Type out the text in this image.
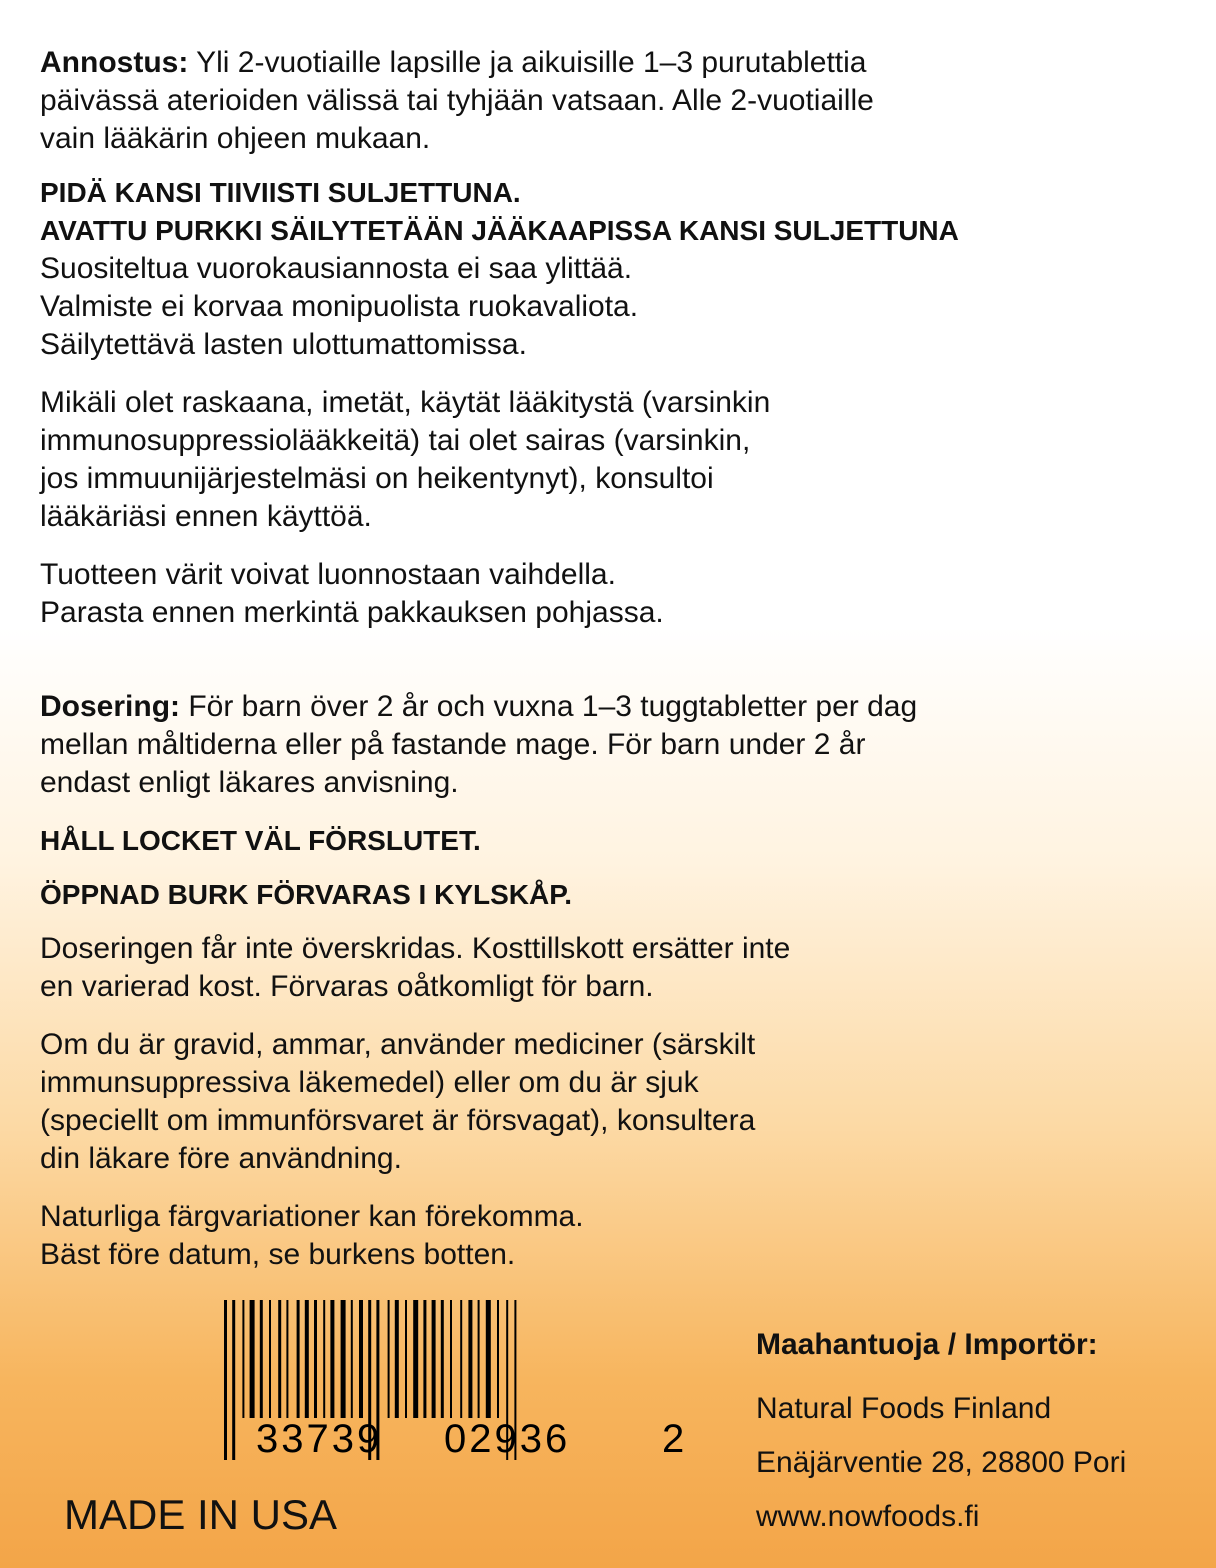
Annostus: Yli 2-vuotiaille lapsille ja aikuisille 1–3 purutablettia
päivässä aterioiden välissä tai tyhjään vatsaan. Alle 2-vuotiaille
vain lääkärin ohjeen mukaan.

PIDÄ KANSI TIIVIISTI SULJETTUNA.

AVATTU PURKKI SÄILYTETÄÄN JÄÄKAAPISSA KANSI SULJETTUNA

Suositeltua vuorokausiannosta ei saa ylittää.
Valmiste ei korvaa monipuolista ruokavaliota.
Säilytettävä lasten ulottumattomissa.

Mikäli olet raskaana, imetät, käytät lääkitystä (varsinkin
immunosuppressiolääkkeitä) tai olet sairas (varsinkin,
jos immuunijärjestelmäsi on heikentynyt), konsultoi
lääkäriäsi ennen käyttöä.

Tuotteen värit voivat luonnostaan vaihdella.
Parasta ennen merkintä pakkauksen pohjassa.

Dosering: För barn över 2 år och vuxna 1–3 tuggtabletter per dag
mellan måltiderna eller på fastande mage. För barn under 2 år
endast enligt läkares anvisning.

HÅLL LOCKET VÄL FÖRSLUTET.

ÖPPNAD BURK FÖRVARAS I KYLSKÅP.

Doseringen får inte överskridas. Kosttillskott ersätter inte
en varierad kost. Förvaras oåtkomligt för barn.

Om du är gravid, ammar, använder mediciner (särskilt
immunsuppressiva läkemedel) eller om du är sjuk
(speciellt om immunförsvaret är försvagat), konsultera
din läkare före användning.

Naturliga färgvariationer kan förekomma.
Bäst före datum, se burkens botten.

33739 02936 2
MADE IN USA

Maahantuoja / Importör:

Natural Foods Finland

Enäjärventie 28, 28800 Pori

www.nowfoods.fi
